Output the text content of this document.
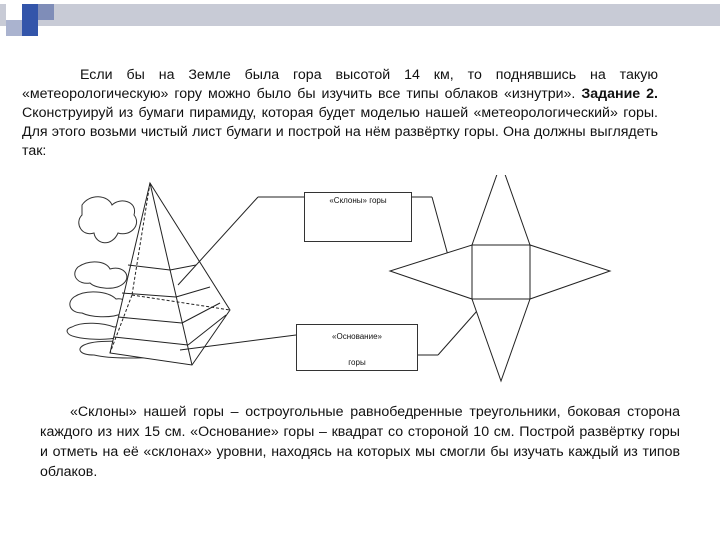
Если бы на Земле была гора высотой 14 км, то поднявшись на такую «метеорологическую» гору можно было бы изучить все типы облаков «изнутри». Задание 2. Сконструируй из бумаги пирамиду, которая будет моделью нашей «метеорологический» горы. Для этого возьми чистый лист бумаги и построй на нём развёртку горы. Она должны выглядеть так:
«Склоны» горы
«Основание»
горы
«Склоны» нашей горы – остроугольные равнобедренные треугольники, боковая сторона каждого из них 15 см. «Основание» горы – квадрат со стороной 10 см. Построй развёртку горы и отметь на её «склонах» уровни, находясь на которых мы смогли бы изучать каждый из типов облаков.
